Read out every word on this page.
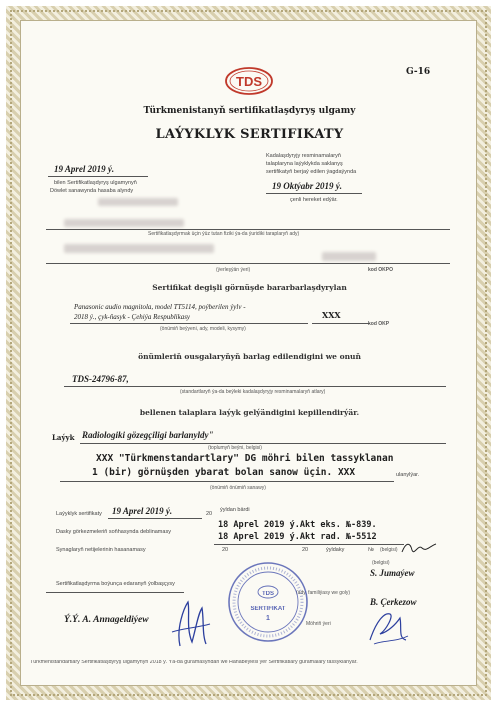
G-16
TDS
Türkmenistanyň sertifikatlaşdyryş ulgamy
LAÝYKLYK SERTIFIKATY
19 Aprel 2019 ý.
bilen Sertifikatlaşdyryş ulgamynyň
Döwlet sanawynda hasaba alyndy
Kadalaşdyryjy resminamalaryň
talaplaryna laýyklykda saklanyş
sertifikatyň berjaý edilen ýagdaýynda
19 Oktýabr 2019 ý.
çenli hereket edýär.
Sertifikatlaşdyrmak üçin ýüz tutan fiziki ýa-da ýuridiki taraplaryň ady)
(ýerleşýän ýeri)	kod OKPO
Sertifikat degişli görnüşde bararbarlaşdyrylan
Panasonic audio magnitola, model TT5114, poýberilen ýylv -
2018 ý., çyk-ňasyk - Çehiýa Respublikasy	XXX
(önümiň beýyeni, ady, modeli, kysymy)
kod OKP
önümleriň ousgalaryňyň barlag edilendigini we onuň
TDS-24796-87,
(standartlaryň ýa-da beýleki kadalaşdyryjy resminamalaryň atlary)
bellenen talaplara laýyk gelýändigini kepillendirýär.
Laýyk Radiologiki gözegçiligi barlanyldy"
(toplumyň beýni, belgisi)
XXX "Türkmenstandartlary" DG möhri bilen tassyklanan
1 (bir) görnüşden ybarat bolan sanow üçin. XXX	ulanylýar.
(önümiň önümiň sanawy)
Laýyklyk sertifikaty 19 Aprel 2019 ý.	20
ýyldan bärdi
Dasky görkezmeleriň soňhasynda deblinamasy
18 Aprel 2019 ý.Akt eks. №-839.
18 Aprel 2019 ý.Akt rad. №-5512
(belgisi)
Synaglaryň netijelerinin hasanamasy	20	20	ýyldaky	№
Sertifikatlaşdyrma boýunça edaranyň ýolbaşçysy
S. Jumaýew
(belgisi)
Ý.Ý. A. Annageldiýew
B. Çerkezow
(ady, familiýasy we goly)
Möhriň ýeri
TDS
SERTIFIKAT
1
Türkmenistandartlary Sertifikatlaşdyryş ulgamynyň 2018 ý. Ýa-da guramasyndan we Haňabeýlesi ýer Sertifikatlary guramalary tassyklanýar.
